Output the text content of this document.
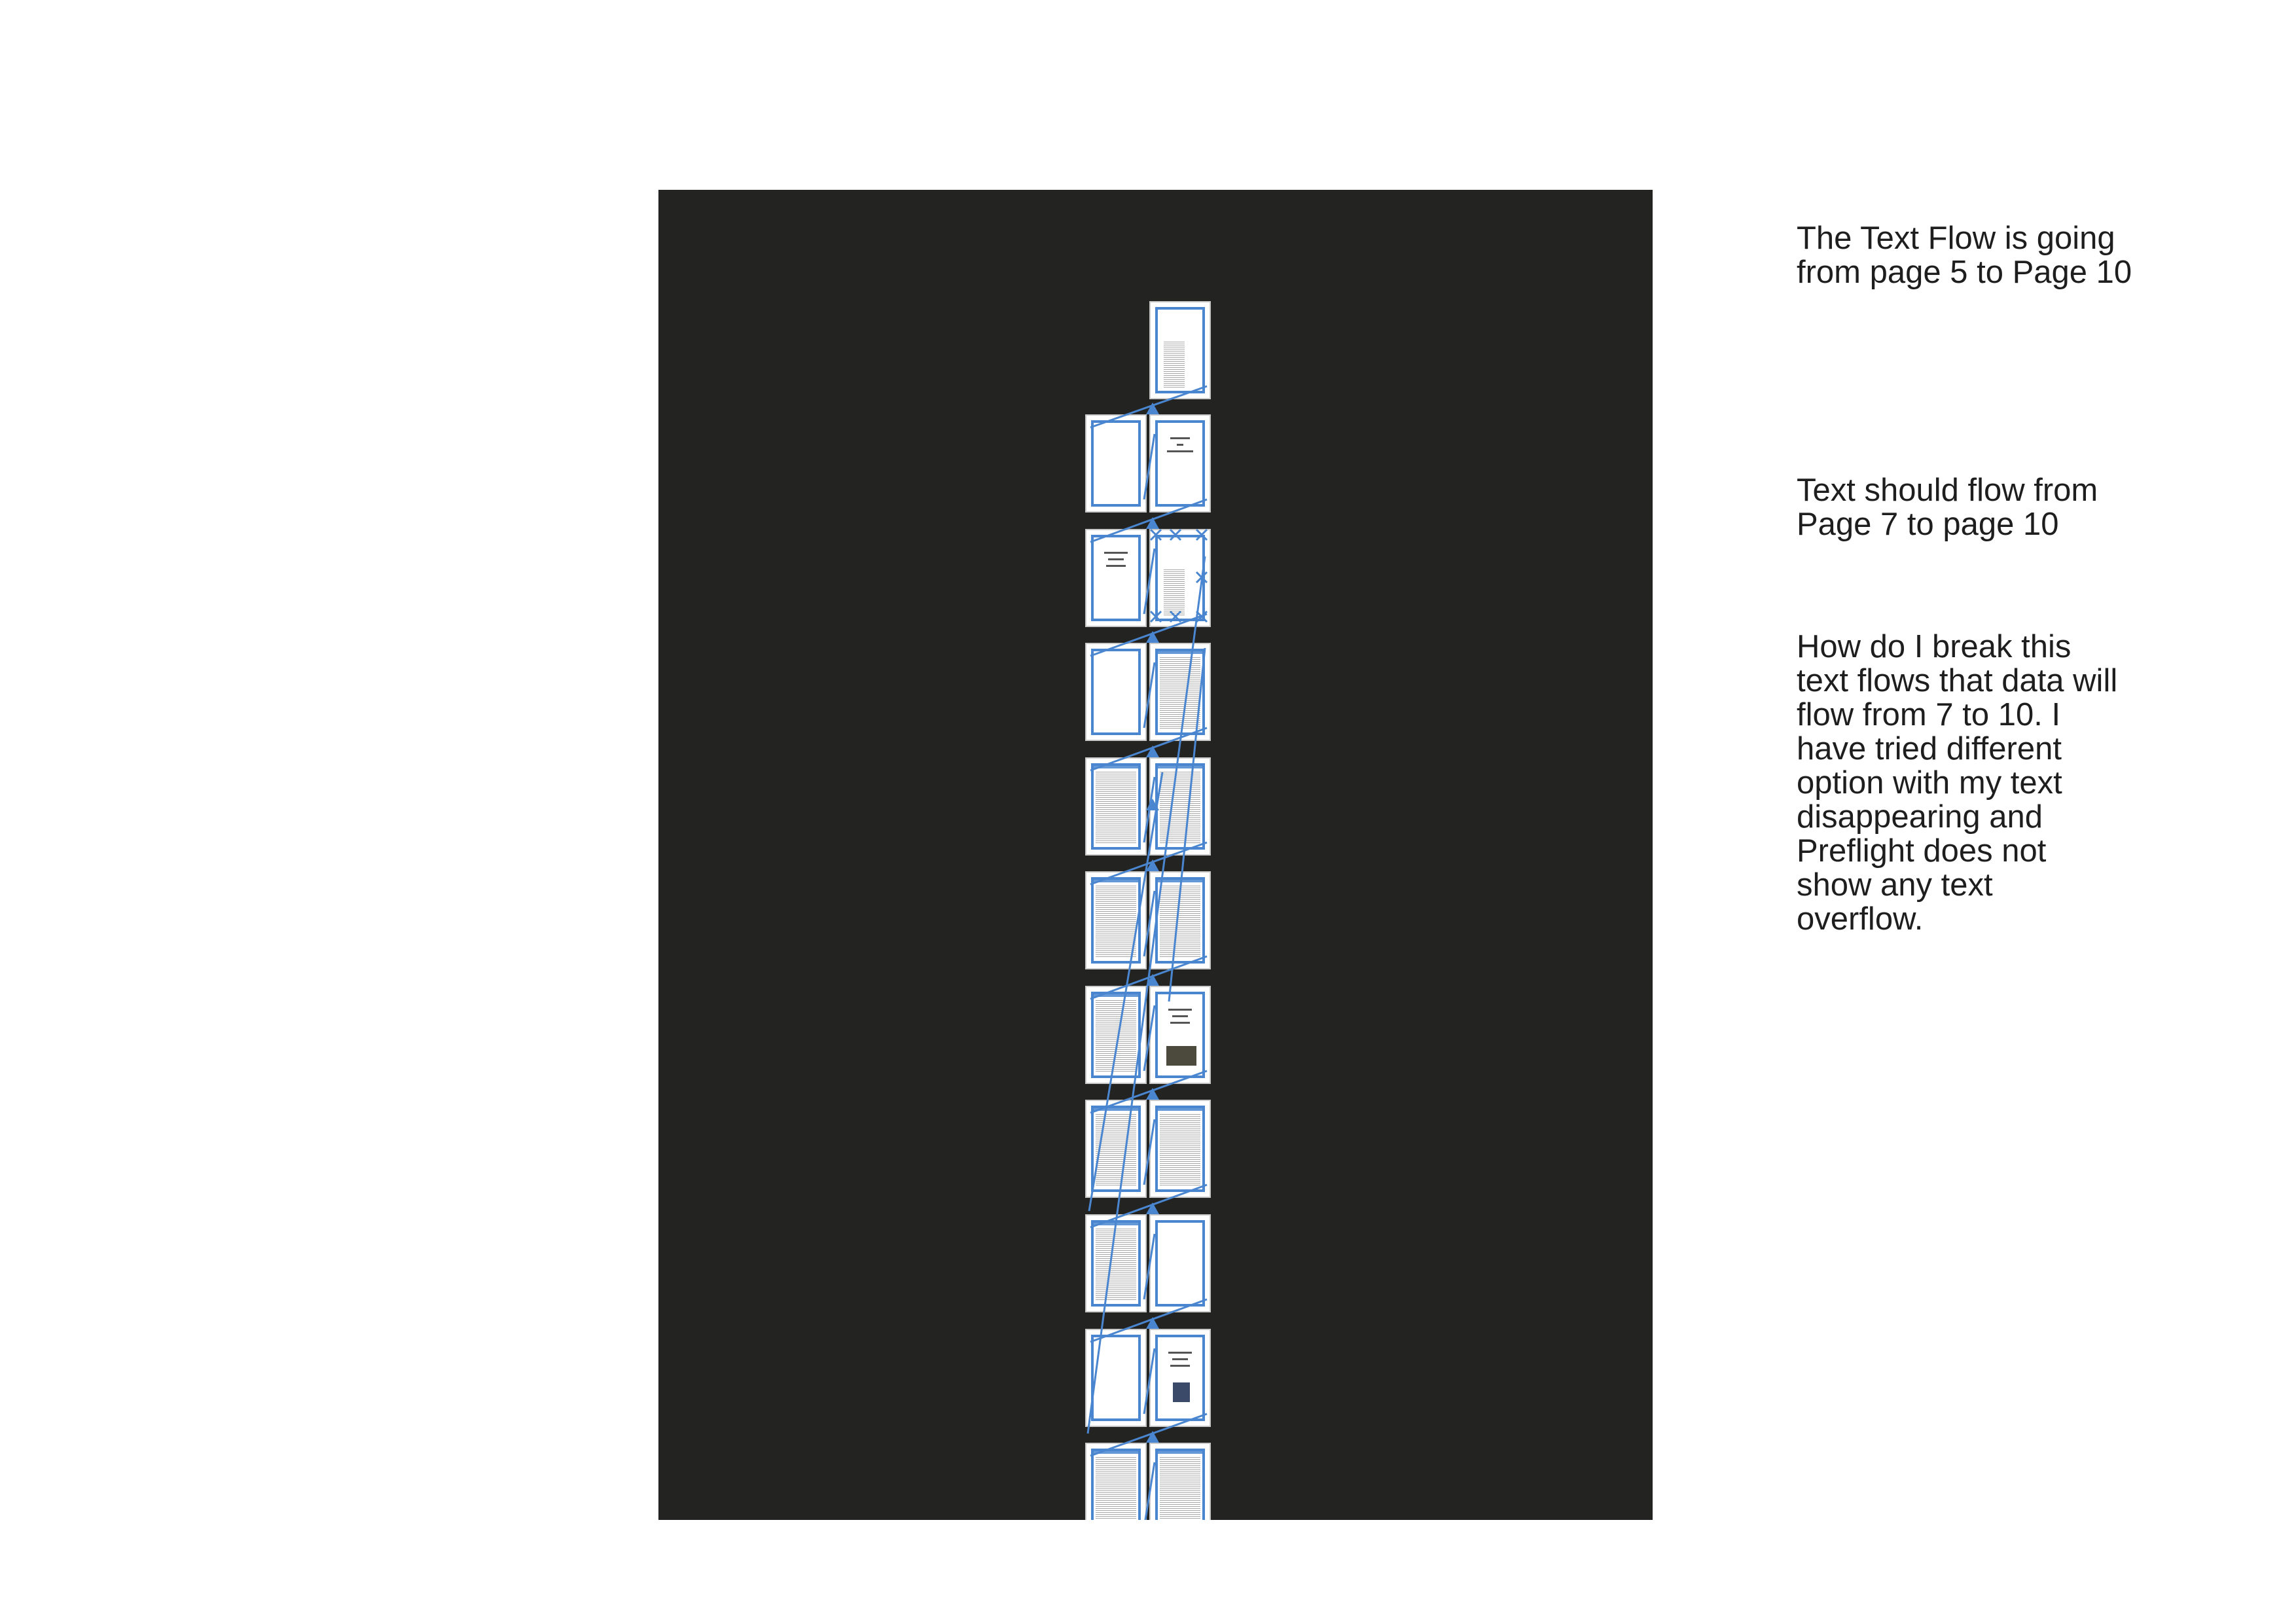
The Text Flow is going
from page 5 to Page 10

Text should flow from
Page 7 to page 10

How do I break this
text flows that data will
flow from 7 to 10. I
have tried different
option with my text
disappearing and
Preflight does not
show any text
overflow.
